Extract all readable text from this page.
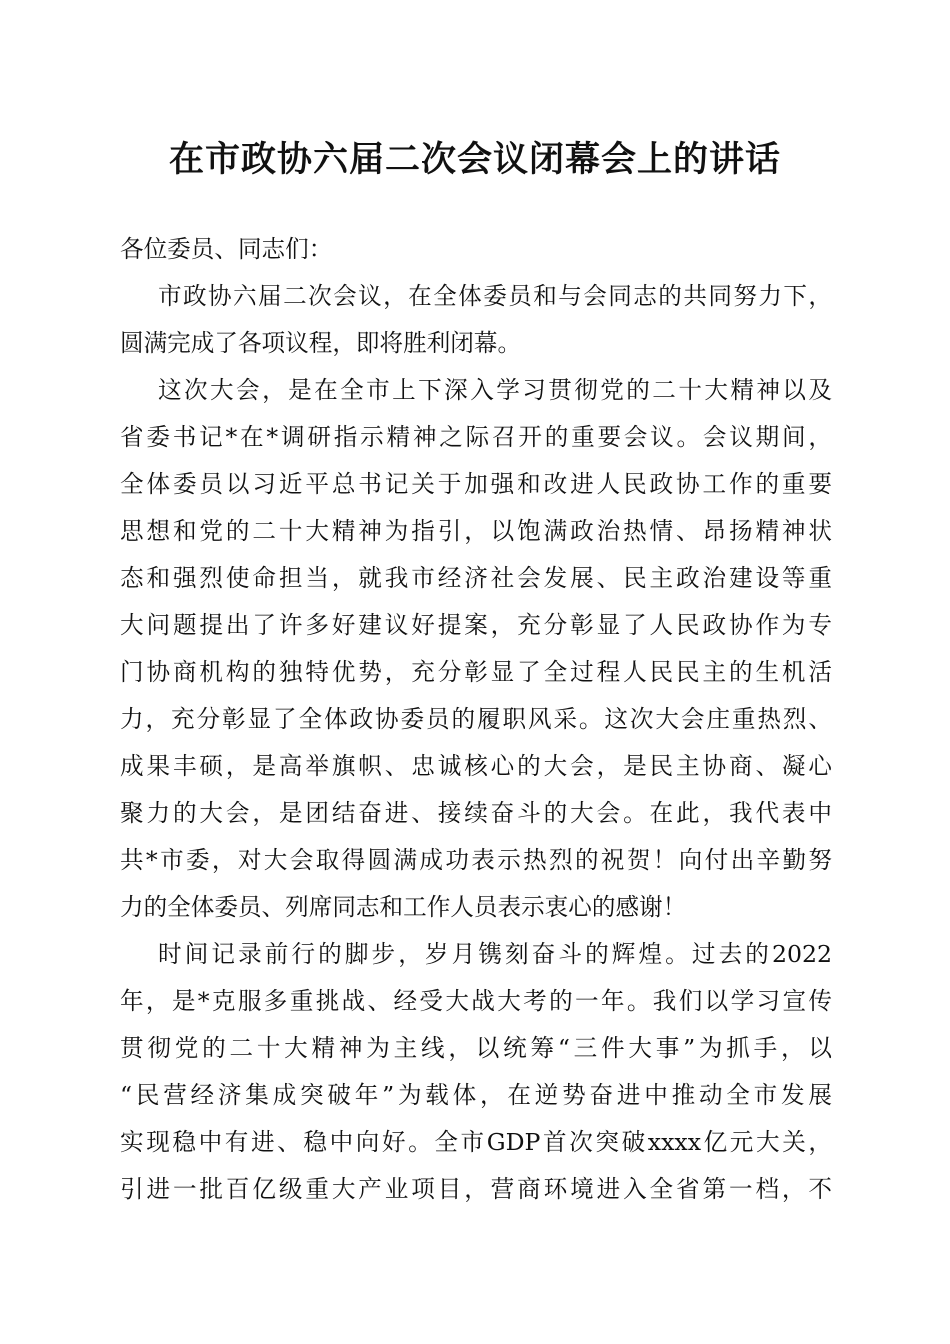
在市政协六届二次会议闭幕会上的讲话
各位委员、同志们：
市政协六届二次会议，在全体委员和与会同志的共同努力下，
圆满完成了各项议程，即将胜利闭幕。
这次大会，是在全市上下深入学习贯彻党的二十大精神以及
省委书记*在*调研指示精神之际召开的重要会议。会议期间，
全体委员以习近平总书记关于加强和改进人民政协工作的重要
思想和党的二十大精神为指引，以饱满政治热情、昂扬精神状
态和强烈使命担当，就我市经济社会发展、民主政治建设等重
大问题提出了许多好建议好提案，充分彰显了人民政协作为专
门协商机构的独特优势，充分彰显了全过程人民民主的生机活
力，充分彰显了全体政协委员的履职风采。这次大会庄重热烈、
成果丰硕，是高举旗帜、忠诚核心的大会，是民主协商、凝心
聚力的大会，是团结奋进、接续奋斗的大会。在此，我代表中
共*市委，对大会取得圆满成功表示热烈的祝贺！向付出辛勤努
力的全体委员、列席同志和工作人员表示衷心的感谢！
时间记录前行的脚步，岁月镌刻奋斗的辉煌。过去的2022
年，是*克服多重挑战、经受大战大考的一年。我们以学习宣传
贯彻党的二十大精神为主线，以统筹“三件大事”为抓手，以
“民营经济集成突破年”为载体，在逆势奋进中推动全市发展
实现稳中有进、稳中向好。全市GDP首次突破xxxx亿元大关，
引进一批百亿级重大产业项目，营商环境进入全省第一档，不
